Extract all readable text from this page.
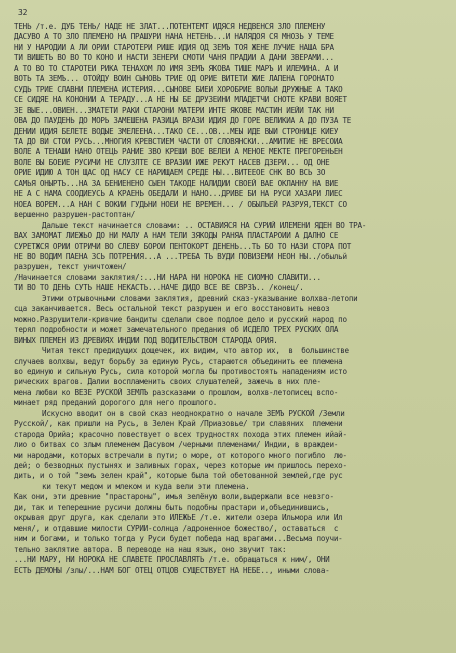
32
ТЕНЬ /т.е. ДУБ ТЕНЬ/ НАДЕ НЕ ЗЛАТ...ПОТЕНТЕМТ ИДЯСЯ НЕДВЕНСЯ ЗЛО ПЛЕМЕНУ
ДАСУВО А ТО ЗЛО ПЛЕМЕНО НА ПРАШУРИ НАНА НЕТЕНЬ...И НАЛЯДОЯ СЯ МНОЗЬ У ТЕМЕ
НИ У НАРОДИИ А ЛИ ОРИИ СТАРОТЕРИ РИШЕ ИДИЯ ОД ЗЕМЪ ТОЯ ЖЕНЕ ЛУЧИЕ НАША БРА
ТИ ВИШЕТЬ ВО ВО ТО КОНО И НАСТИ ЗЕНЕРИ СМОТИ ЧАНЯ ПРАДИИ А ДАНИ ЗВЕРАМИ...
А ТО ВО ТО СТАРОТЕИ РИКА ТЕНАХОМ ЛО ИМЯ ЗЕМЪ ЯКОВА ТИШЕ МАРЪ И ИЛЕМИНА. А И
ВОТЬ ТА ЗЕМЪ... ОТОЙДУ ВОИН СЫНОВЬ ТРИЕ ОД ОРИЕ ВИТЕТИ ЖИЕ ЛАПЕНА ГОРОНАТО
СУДЬ ТРИЕ СЛАВНИ ПЛЕМЕНА ИСТЕРИЯ...СЫНОВЕ БИЕИ ХОРОБРИЕ ВОЛЬИ ДРУЖНЫЕ А ТАКО
СЕ СИДЯЕ НА КОНОНИИ А ТЕРАДУ...А НЕ НЫ БЕ ДРУЗЕИНИ МЛАДЕТЧИ СНОТЕ КРАВИ ВОЯЕТ
ЗЕ ВЫЕ...ОВИЕН...ЗМАТЕТИ РАКИ СТАРОНИ МАТЕРИ ИНТЕ ЯКОВЕ МАСТИН ИЕЙИ ТАК НИ
ОВА ДО ПАУДЕНЬ ДО МОРЬ ЗАМЕШЕНА РАЗИЦА ВРАЗИ ИДИЯ ДО ГОРЕ ВЕЛИКИА А ДО ПУЗА ТЕ
ДЕНИИ ИДИЯ БЕЛЕТЕ ВОДЫЕ ЗМЕЛЕЕНА...ТАКО СЕ...ОВ...МЕЫ ИДЕ ВЫИ СТРОНИЦЕ КИЕУ
ТА ДО ВИ СТОИ РУСЬ...МНОГИЯ КРЕВСТИЕМ ЧАСТИ ОТ СЛОВЯНСКИ...АМИТИЕ НЕ ВРЕСОИА
ВОЛЕ А ТЕНАШИ НАНО ОТЕЦЬ РАНИЕ ЗВО КРЕШИ ВОЕ ВЕЛЕИ А МЕНОЕ МЕКТЕ ПРЕГОРЕНЬЕН
ВОЛЕ ВЫ БОЕИЕ РУСИЧИ НЕ СЛУЗЛТЕ СЕ ВРАЗИИ ИЖЕ РЕКУТ НАСЕВ ДЗЕРИ... ОД ОНЕ
ОРИЕ ИДИЮ А ТОН ЩАС ОД НАСУ СЕ НАРИЩАЕМ СРЕДЕ НЫ...ВИТЕЕОЕ СНК ВО ВСЬ ЗО
САМЬЯ ОНЫРТЬ...НА ЗА БЕНИЕНЕНО СЫЕН ТАКОДЕ НАЛИДИИ СВОЕЙ ВАЕ ОКЛАННУ НА ВИЕ
НЕ А С НАМА СООДИЕУСЬ А КРАЕНЬ ОБЕДАЛИ И НАНО...ДРИВЕ БИ НА РУСИ ХАЗАРИ ЛИЕС
НОЕА ВОРЕМ...А НАН С ВОКИИ ГУДЬНИ НОЕИ НЕ ВРЕМЕН... / ОБЫЛЬЕЙ РАЗРУЯ,ТЕКСТ СО
вершенно разрушен-растоптан/
Дальше текст начинается словами: .. ОСТАВИЯСЯ НА СУРИЙ ИЛЕМЕНИ ЯДЕН ВО ТРА-
ВАХ ЗАМОМАТ ЛИЕЖЬО ДО НИ МАЛУ А НАМ ТЕЛИ ЗЯКОДЫ РАНЯА ПЛАСТАРОИИ А ДАЛНО СЕ
СУРЕТЖСЯ ОРИИ ОТРИЧИ ВО СЛЕВУ БОРОИ ПЕНТОКОРТ ДЕНЕНЬ...ТЬ БО ТО НАЗИ СТОРА ПОТ
НЕ ВО ВОДИМ ПАЕНА ЗСЬ ПОТРЕНИЯ...А ...ТРЕБА ТЬ ВУДИ ПОВИЗЕМИ НЕОН НЫ../обыльй
разрушен, текст уничтожен/
/Начинается словами заклятия/:...НИ НАРА НИ НОРОКА НЕ СИОМНО СЛАВИТИ...
ТИ ВО ТО ДЕНЬ СУТЬ НАШЕ НЕКАСТЬ...НАЧЕ ДИДО ВСЕ ВЕ СВРЗЪ.. /конец/.
Этими отрывочными словами заклятия, древний сказ-указывание волхва-летопи
сца заканчивается. Весь остальной текст разрушен и его восстановить невоз
можно.Разрушители-кривчие бандиты сделали свое подлое дело и русский народ по
терял подробности и может замечательного предания об ИСДЕЛО ТРЕХ РУСКИХ ОЛА
ВИНЫХ ПЛЕМЕН ИЗ ДРЕВИЯХ ИНДИИ ПОД ВОДИТЕЛЬСТВОМ СТАРОДА ОРИЯ.
Читая текст предидущих дощечек, их видим, что автор их,  в  большинстве
случаев волхвы, ведут борьбу за единую Русь, стараются объединить ее племена
во единую и сильную Русь, сила которой могла бы противостоять нападениям исто
рических врагов. Далии воспламенить своих слушателей, зажечь в них пле-
мена любви ко ВЕЗЕ РУСКОЙ ЗЕМЛЪ разсказами о прошлом, волхв-летописец вспо-
минает ряд преданий дорогого для него прошлого.
Искусно вводит он в свой сказ неоднократно о начале ЗЕМЪ РУСКОЙ /Земли
Русской/, как пришли на Русь, в Зелен Край /Приазовье/ три славяних  племени
старода Орийа; красочно повествует о всех трудностях похода этих племен ийай-
лио о битвах со злым племенем Дасувом /черными племенами/ Индии, в враждеи-
ми народами, которых встречали в пути; о море, от которого много погибло  лю-
дей; о безводных пустынях и заливных горах, через которые им пришлось перехо-
дить, и о той "земъ зелен край", которые была той обетованной землей,где рус
ки текут медом и млеком и куда вели эти племена.
Как они, эти древние "прастароны", имья зелёную воли,выдержали все невзго-
ди, так и теперешние русичи должны быть подобны прастари и,объединившись,
окрывая друг друга, как сделали это ИЛЕЖЬЕ /т.е. жители озера Ильмора или Ил
меня/, и отдавшие милости СУРИИ-солнца /адроненное божество/, оставаться  с
ним и богами, и только тогда у Руси будет победа над врагами...Весьма поучи-
тельно заклятие автора. В переводе на наш язык, оно звучит так:
...НИ МАРУ, НИ НОРОКА НЕ СЛАВЕТЕ ПРОСЛАВЛЯТЬ /т.е. обращаться к ним/, ОНИ
ЕСТЬ ДЕМОНЫ /злы/...НАМ БОГ ОТЕЦ ОТЦОВ СУЩЕСТВУЕТ НА НЕБЕ.., иными слова-
